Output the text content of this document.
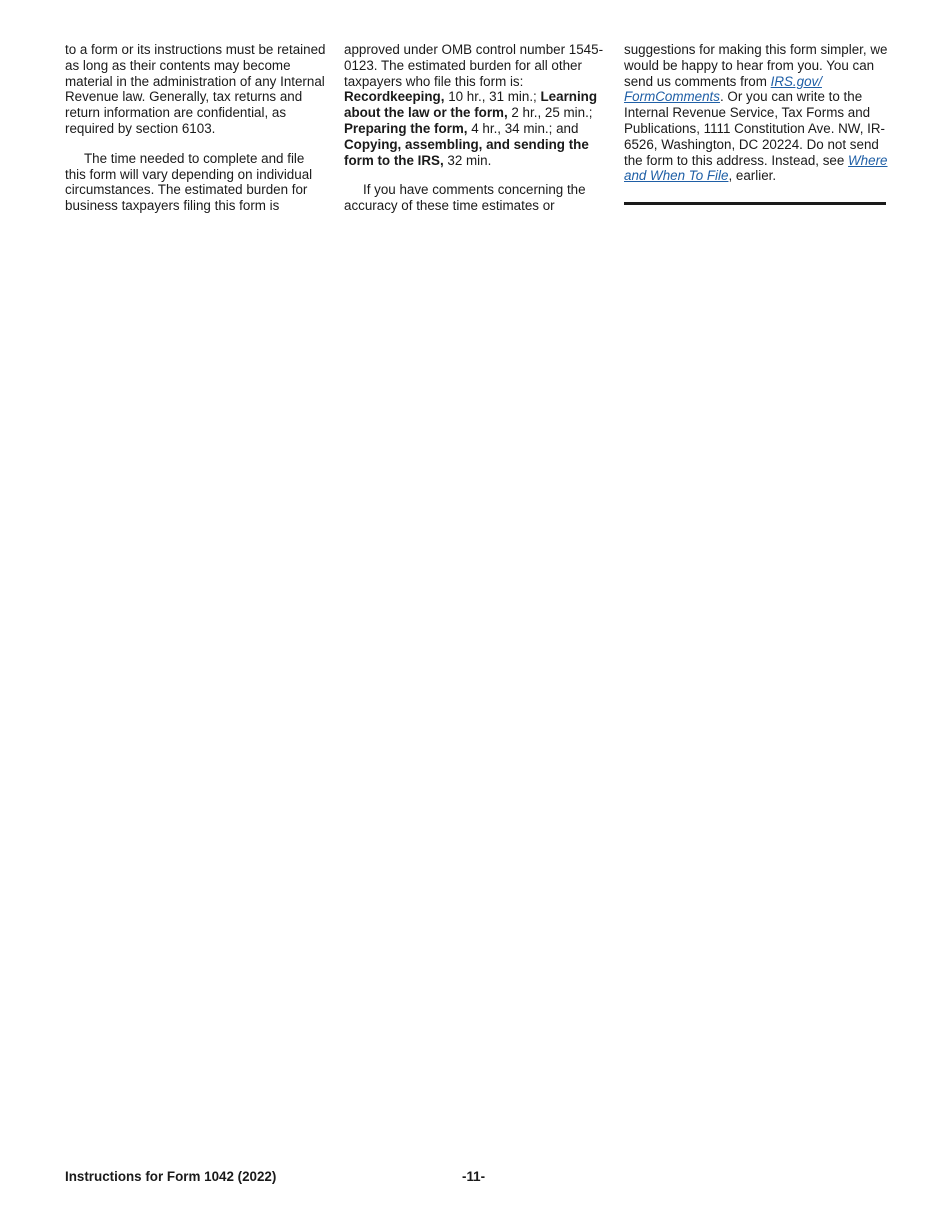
to a form or its instructions must be retained as long as their contents may become material in the administration of any Internal Revenue law. Generally, tax returns and return information are confidential, as required by section 6103.

The time needed to complete and file this form will vary depending on individual circumstances. The estimated burden for business taxpayers filing this form is

approved under OMB control number 1545-0123. The estimated burden for all other taxpayers who file this form is: Recordkeeping, 10 hr., 31 min.; Learning about the law or the form, 2 hr., 25 min.; Preparing the form, 4 hr., 34 min.; and Copying, assembling, and sending the form to the IRS, 32 min.

If you have comments concerning the accuracy of these time estimates or

suggestions for making this form simpler, we would be happy to hear from you. You can send us comments from IRS.gov/
FormComments. Or you can write to the Internal Revenue Service, Tax Forms and Publications, 1111 Constitution Ave. NW, IR-6526, Washington, DC 20224. Do not send the form to this address. Instead, see Where and When To File, earlier.

Instructions for Form 1042 (2022)	-11-
